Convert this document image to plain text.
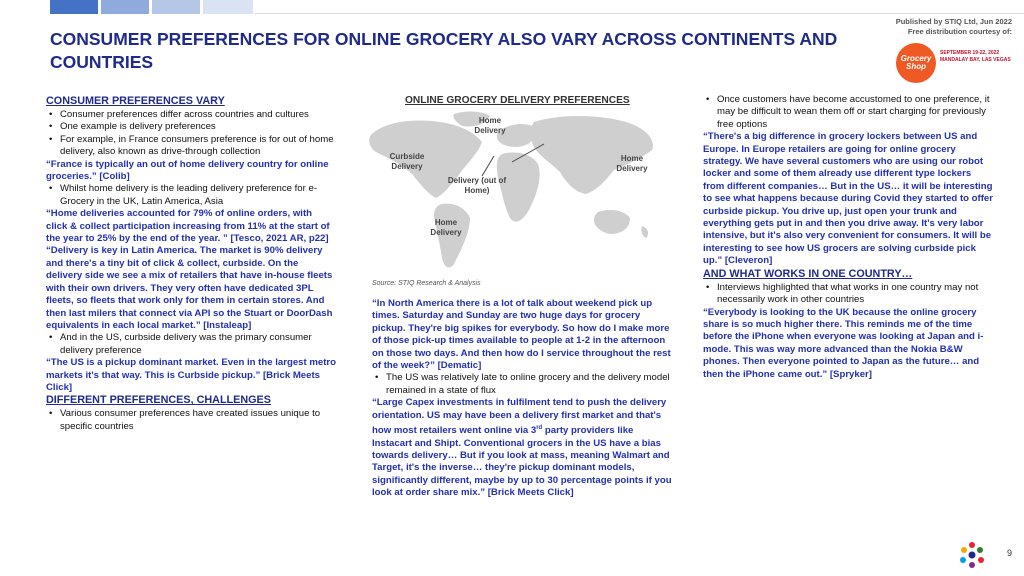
CONSUMER PREFERENCES FOR ONLINE GROCERY ALSO VARY ACROSS CONTINENTS AND COUNTRIES
Published by STIQ Ltd, Jun 2022
Free distribution courtesy of:
Grocery Shop
SEPTEMBER 19-22, 2022 MANDALAY BAY, LAS VEGAS

CONSUMER PREFERENCES VARY

• Consumer preferences differ across countries and cultures
• One example is delivery preferences
• For example, in France consumers preference is for out of home delivery, also known as drive-through collection

“France is typically an out of home delivery country for online groceries.” [Colib]

• Whilst home delivery is the leading delivery preference for e-Grocery in the UK, Latin America, Asia

“Home deliveries accounted for 79% of online orders, with click & collect participation increasing from 11% at the start of the year to 25% by the end of the year. ” [Tesco, 2021 AR, p22]

“Delivery is key in Latin America. The market is 90% delivery and there's a tiny bit of click & collect, curbside. On the delivery side we see a mix of retailers that have in-house fleets with their own drivers. They very often have dedicated 3PL fleets, so fleets that work only for them in certain stores. And then last milers that connect via API so the Stuart or DoorDash equivalents in each local market.” [Instaleap]

• And in the US, curbside delivery was the primary consumer delivery preference

“The US is a pickup dominant market. Even in the largest metro markets it's that way. This is Curbside pickup.” [Brick Meets Click]

DIFFERENT PREFERENCES, CHALLENGES

• Various consumer preferences have created issues unique to specific countries
ONLINE GROCERY DELIVERY PREFERENCES
Curbside Delivery
Home Delivery
Delivery (out of Home)
Home Delivery
Home Delivery
Source: STIQ Research & Analysis

“In North America there is a lot of talk about weekend pick up times. Saturday and Sunday are two huge days for grocery pickup. They're big spikes for everybody. So how do I make more of those pick-up times available to people at 1-2 in the afternoon on those two days. And then how do I service throughout the rest of the week?” [Dematic]

• The US was relatively late to online grocery and the delivery model remained in a state of flux

“Large Capex investments in fulfilment tend to push the delivery orientation. US may have been a delivery first market and that's how most retailers went online via 3rd party providers like Instacart and Shipt. Conventional grocers in the US have a bias towards delivery… But if you look at mass, meaning Walmart and Target, it's the inverse… they're pickup dominant models, significantly different, maybe by up to 30 percentage points if you look at order share mix.” [Brick Meets Click]

• Once customers have become accustomed to one preference, it may be difficult to wean them off or start charging for previously free options

“There's a big difference in grocery lockers between US and Europe. In Europe retailers are going for online grocery strategy. We have several customers who are using our robot locker and some of them already use different type lockers from different companies… But in the US… it will be interesting to see what happens because during Covid they started to offer curbside pickup. You drive up, just open your trunk and everything gets put in and then you drive away. It's very labor intensive, but it's also very convenient for consumers. It will be interesting to see how US grocers are solving curbside pick up.” [Cleveron]

AND WHAT WORKS IN ONE COUNTRY…

• Interviews highlighted that what works in one country may not necessarily work in other countries

“Everybody is looking to the UK because the online grocery share is so much higher there. This reminds me of the time before the iPhone when everyone was looking at Japan and i-mode. This was way more advanced than the Nokia B&W phones. Then everyone pointed to Japan as the future… and then the iPhone came out.” [Spryker]

9
